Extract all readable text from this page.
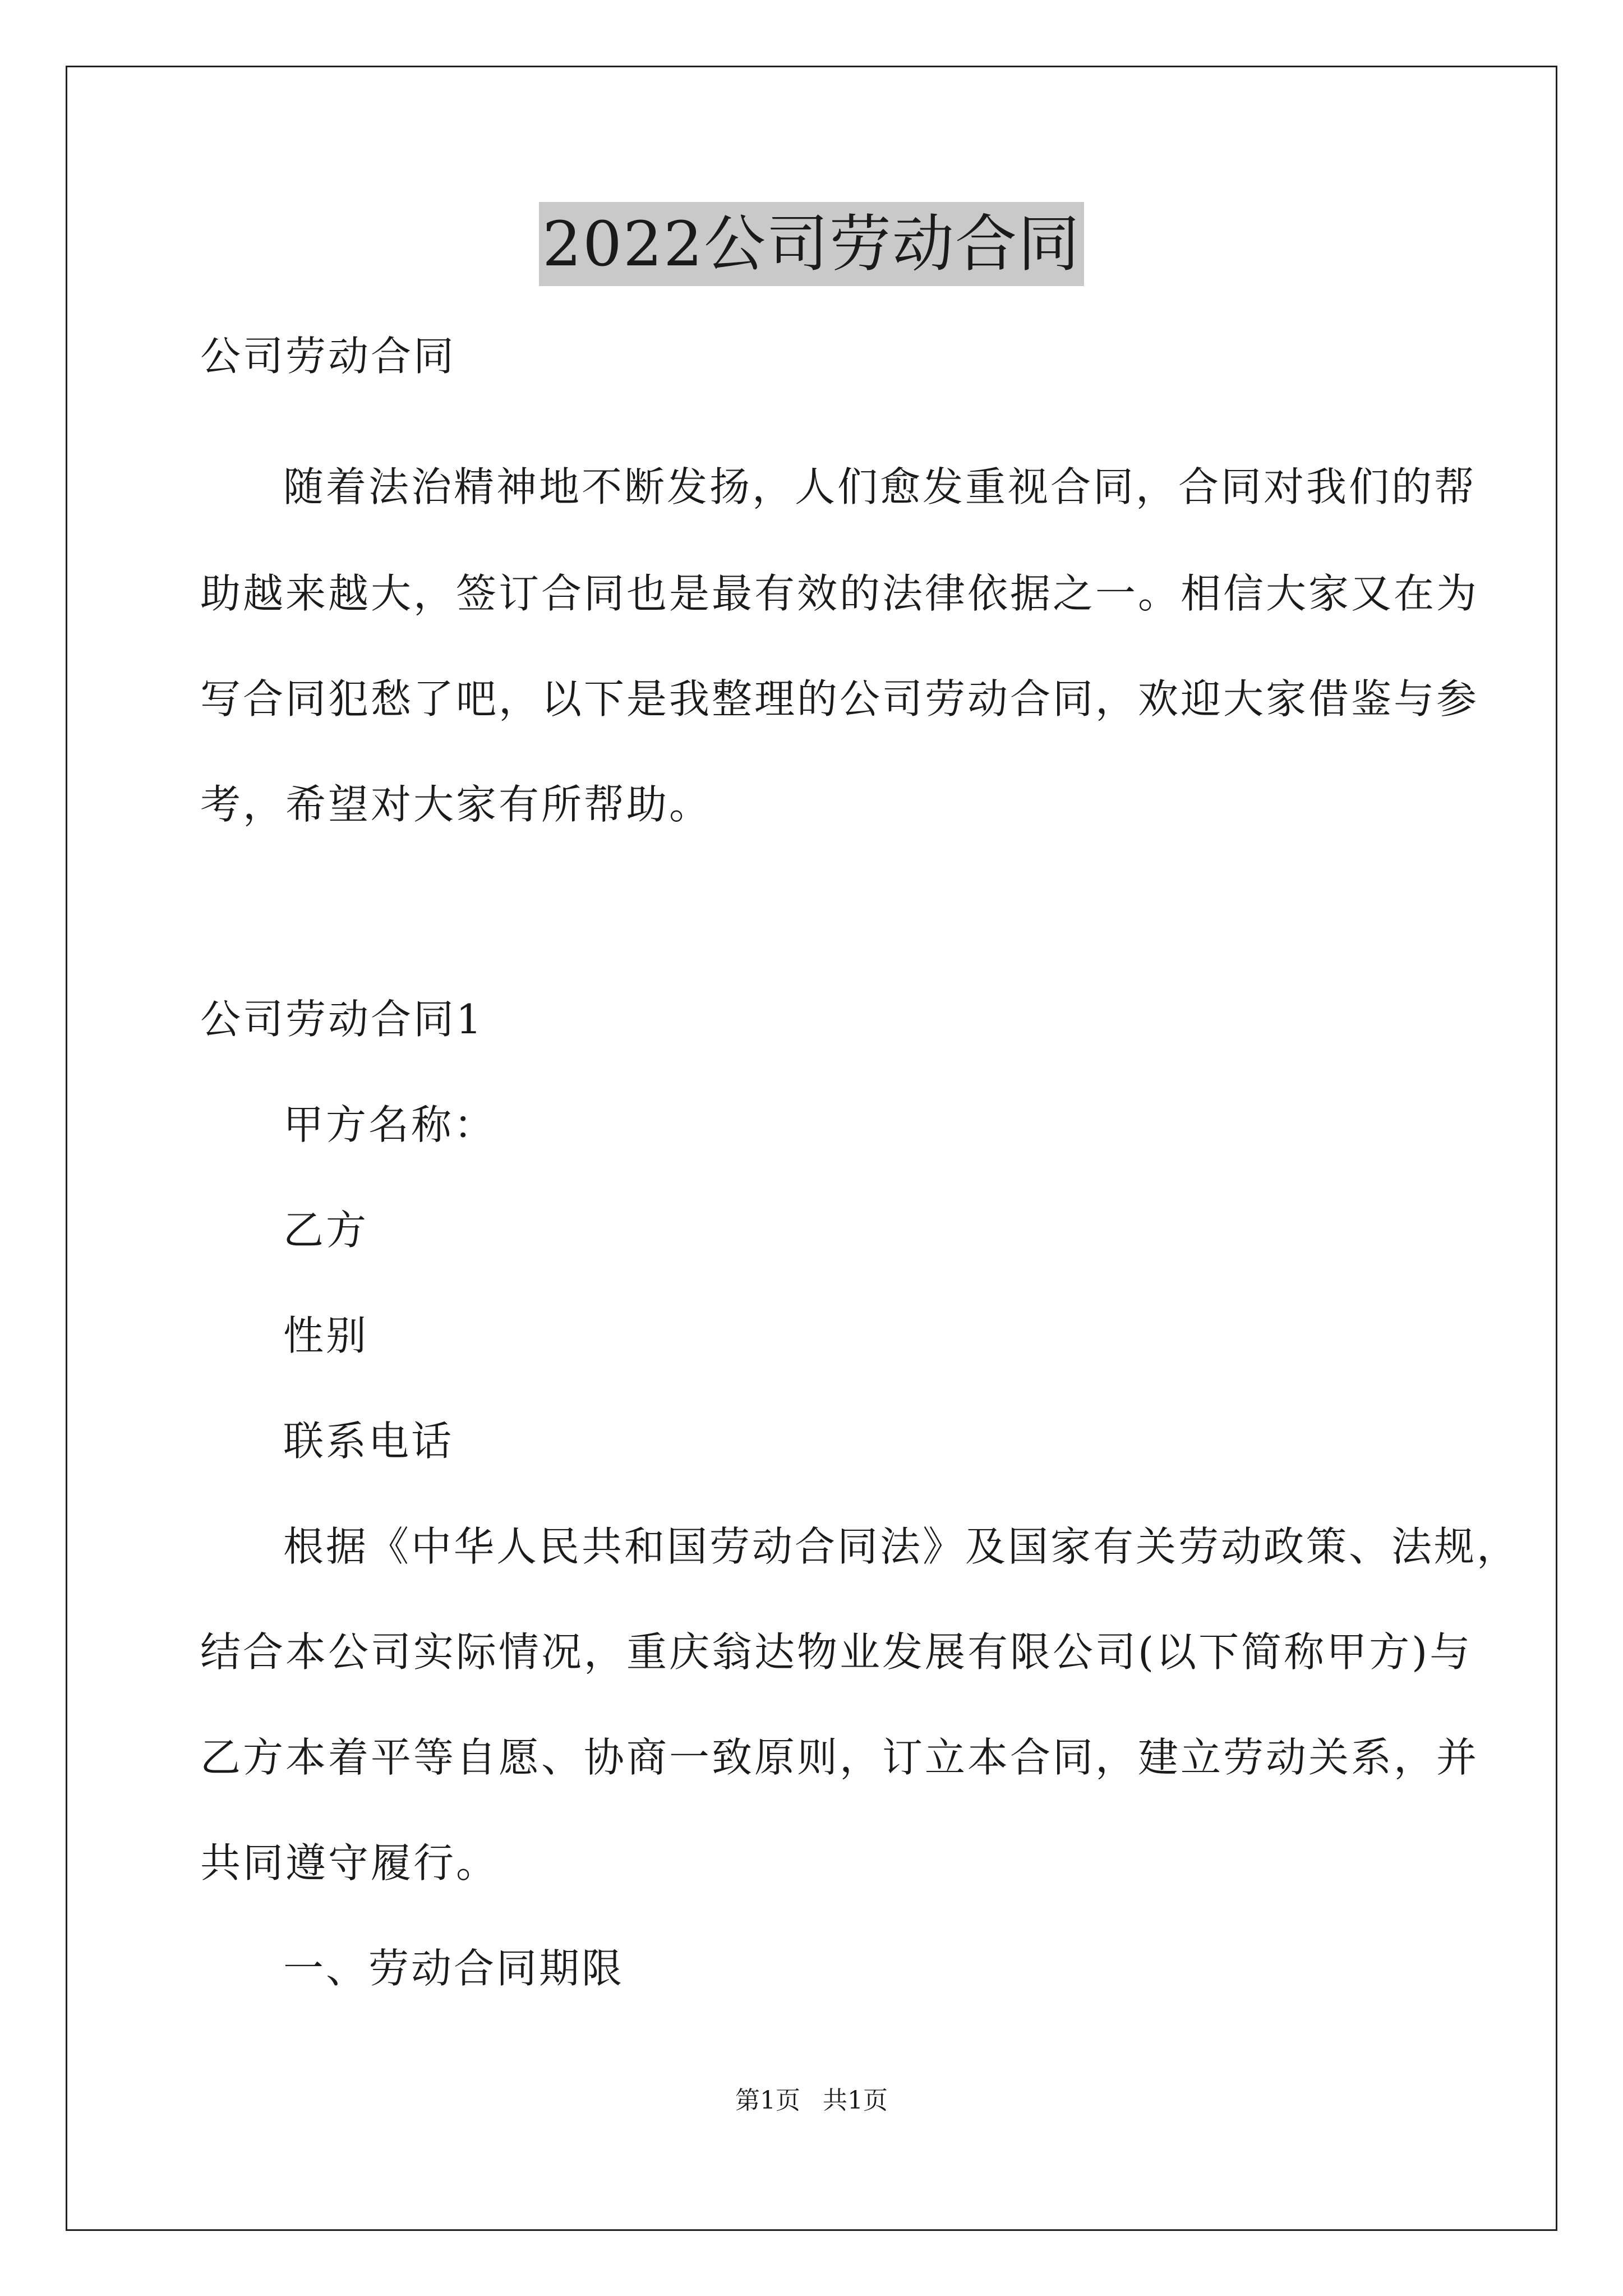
2022公司劳动合同
公司劳动合同
随着法治精神地不断发扬，人们愈发重视合同，合同对我们的帮
助越来越大，签订合同也是最有效的法律依据之一。相信大家又在为
写合同犯愁了吧，以下是我整理的公司劳动合同，欢迎大家借鉴与参
考，希望对大家有所帮助。
公司劳动合同1
甲方名称：
乙方
性别
联系电话
根据《中华人民共和国劳动合同法》及国家有关劳动政策、法规，
结合本公司实际情况，重庆翁达物业发展有限公司(以下简称甲方)与
乙方本着平等自愿、协商一致原则，订立本合同，建立劳动关系，并
共同遵守履行。
一、劳动合同期限
第1页 共1页
